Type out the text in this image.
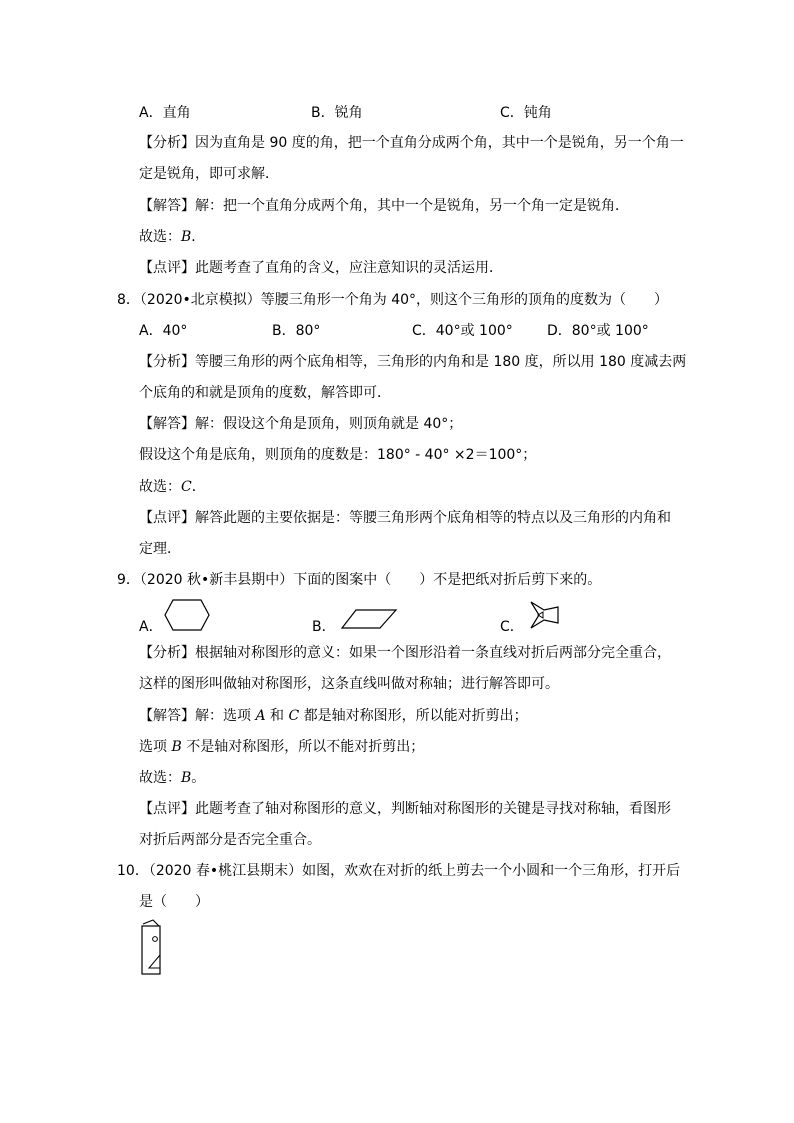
A．直角	B．锐角	C．钝角
【分析】因为直角是 90 度的角，把一个直角分成两个角，其中一个是锐角，另一个角一
定是锐角，即可求解．
【解答】解：把一个直角分成两个角，其中一个是锐角，另一个角一定是锐角．
故选：B．
【点评】此题考查了直角的含义，应注意知识的灵活运用．
8．（2020•北京模拟）等腰三角形一个角为 40°，则这个三角形的顶角的度数为（　　）
A．40°	B．80°	C．40°或 100° D．80°或 100°
【分析】等腰三角形的两个底角相等，三角形的内角和是 180 度，所以用 180 度减去两
个底角的和就是顶角的度数，解答即可．
【解答】解：假设这个角是顶角，则顶角就是 40°；
假设这个角是底角，则顶角的度数是：180° - 40° ×2＝100°；
故选：C．
【点评】解答此题的主要依据是：等腰三角形两个底角相等的特点以及三角形的内角和
定理．
9．（2020 秋•新丰县期中）下面的图案中（　　）不是把纸对折后剪下来的。
A．	B．	C．
【分析】根据轴对称图形的意义：如果一个图形沿着一条直线对折后两部分完全重合，
这样的图形叫做轴对称图形，这条直线叫做对称轴；进行解答即可。
【解答】解：选项 A 和 C 都是轴对称图形，所以能对折剪出；
选项 B 不是轴对称图形，所以不能对折剪出；
故选：B。
【点评】此题考查了轴对称图形的意义，判断轴对称图形的关键是寻找对称轴，看图形
对折后两部分是否完全重合。
10．（2020 春•桃江县期末）如图，欢欢在对折的纸上剪去一个小圆和一个三角形，打开后
是（　　）
